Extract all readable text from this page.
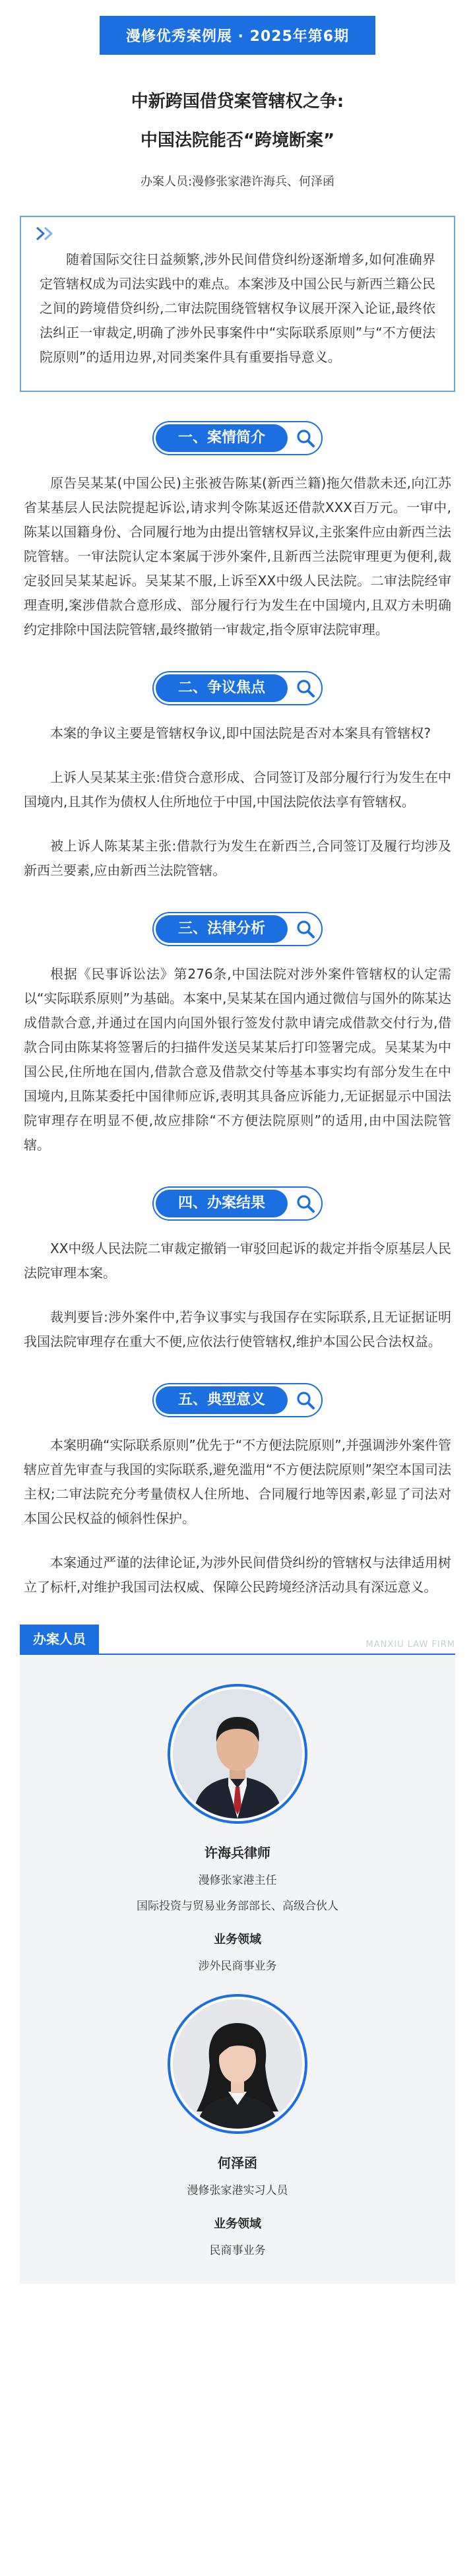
漫修优秀案例展 · 2025年第6期
中新跨国借贷案管辖权之争:
中国法院能否“跨境断案”
办案人员:漫修张家港许海兵、何泽函

随着国际交往日益频繁,涉外民间借贷纠纷逐渐增多,如何准确界定管辖权成为司法实践中的难点。本案涉及中国公民与新西兰籍公民之间的跨境借贷纠纷,二审法院围绕管辖权争议展开深入论证,最终依法纠正一审裁定,明确了涉外民事案件中“实际联系原则”与“不方便法院原则”的适用边界,对同类案件具有重要指导意义。

一、案情简介

原告吴某某(中国公民)主张被告陈某(新西兰籍)拖欠借款未还,向江苏省某基层人民法院提起诉讼,请求判令陈某返还借款XXX百万元。一审中,陈某以国籍身份、合同履行地为由提出管辖权异议,主张案件应由新西兰法院管辖。一审法院认定本案属于涉外案件,且新西兰法院审理更为便利,裁定驳回吴某某起诉。吴某某不服,上诉至XX中级人民法院。二审法院经审理查明,案涉借款合意形成、部分履行行为发生在中国境内,且双方未明确约定排除中国法院管辖,最终撤销一审裁定,指令原审法院审理。

二、争议焦点

本案的争议主要是管辖权争议,即中国法院是否对本案具有管辖权?

上诉人吴某某主张:借贷合意形成、合同签订及部分履行行为发生在中国境内,且其作为债权人住所地位于中国,中国法院依法享有管辖权。

被上诉人陈某某主张:借款行为发生在新西兰,合同签订及履行均涉及新西兰要素,应由新西兰法院管辖。

三、法律分析

根据《民事诉讼法》第276条,中国法院对涉外案件管辖权的认定需以“实际联系原则”为基础。本案中,吴某某在国内通过微信与国外的陈某达成借款合意,并通过在国内向国外银行签发付款申请完成借款交付行为,借款合同由陈某将签署后的扫描件发送吴某某后打印签署完成。吴某某为中国公民,住所地在国内,借款合意及借款交付等基本事实均有部分发生在中国境内,且陈某委托中国律师应诉,表明其具备应诉能力,无证据显示中国法院审理存在明显不便,故应排除“不方便法院原则”的适用,由中国法院管辖。

四、办案结果

XX中级人民法院二审裁定撤销一审驳回起诉的裁定并指令原基层人民法院审理本案。

裁判要旨:涉外案件中,若争议事实与我国存在实际联系,且无证据证明我国法院审理存在重大不便,应依法行使管辖权,维护本国公民合法权益。

五、典型意义

本案明确“实际联系原则”优先于“不方便法院原则”,并强调涉外案件管辖应首先审查与我国的实际联系,避免滥用“不方便法院原则”架空本国司法主权;二审法院充分考量债权人住所地、合同履行地等因素,彰显了司法对本国公民权益的倾斜性保护。

本案通过严谨的法律论证,为涉外民间借贷纠纷的管辖权与法律适用树立了标杆,对维护我国司法权威、保障公民跨境经济活动具有深远意义。

办案人员	MANXIU LAW FIRM
许海兵律师
漫修张家港主任
国际投资与贸易业务部部长、高级合伙人
业务领域
涉外民商事业务
何泽函
漫修张家港实习人员
业务领域
民商事业务
